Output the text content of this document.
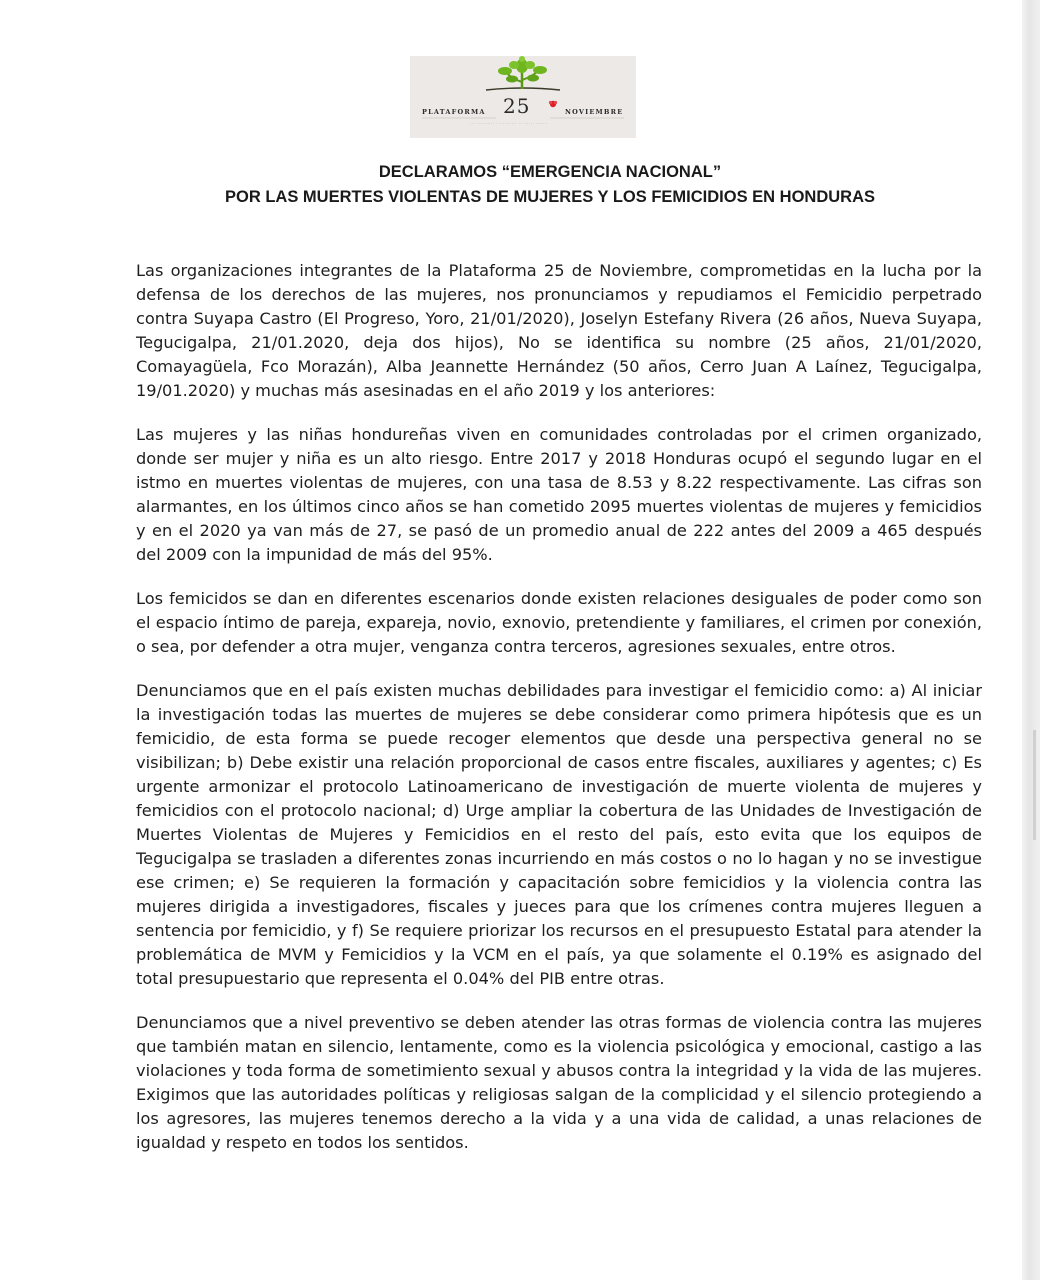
PLATAFORMA 25	NOVIEMBRE
··· ·········· · ·········· ·· ······ ·······
DECLARAMOS “EMERGENCIA NACIONAL”
POR LAS MUERTES VIOLENTAS DE MUJERES Y LOS FEMICIDIOS EN HONDURAS

Las organizaciones integrantes de la Plataforma 25 de Noviembre, comprometidas en la lucha por la defensa de los derechos de las mujeres, nos pronunciamos y repudiamos el Femicidio perpetrado contra Suyapa Castro (El Progreso, Yoro, 21/01/2020), Joselyn Estefany Rivera (26 años, Nueva Suyapa, Tegucigalpa, 21/01.2020, deja dos hijos), No se identifica su nombre (25 años, 21/01/2020, Comayagüela, Fco Morazán), Alba Jeannette Hernández (50 años, Cerro Juan A Laínez, Tegucigalpa, 19/01.2020) y muchas más asesinadas en el año 2019 y los anteriores:

Las mujeres y las niñas hondureñas viven en comunidades controladas por el crimen organizado, donde ser mujer y niña es un alto riesgo. Entre 2017 y 2018 Honduras ocupó el segundo lugar en el istmo en muertes violentas de mujeres, con una tasa de 8.53 y 8.22 respectivamente. Las cifras son alarmantes, en los últimos cinco años se han cometido 2095 muertes violentas de mujeres y femicidios y en el 2020 ya van más de 27, se pasó de un promedio anual de 222 antes del 2009 a 465 después del 2009 con la impunidad de más del 95%.

Los femicidos se dan en diferentes escenarios donde existen relaciones desiguales de poder como son el espacio íntimo de pareja, expareja, novio, exnovio, pretendiente y familiares, el crimen por conexión, o sea, por defender a otra mujer, venganza contra terceros, agresiones sexuales, entre otros.

Denunciamos que en el país existen muchas debilidades para investigar el femicidio como: a) Al iniciar la investigación todas las muertes de mujeres se debe considerar como primera hipótesis que es un femicidio, de esta forma se puede recoger elementos que desde una perspectiva general no se visibilizan; b) Debe existir una relación proporcional de casos entre fiscales, auxiliares y agentes; c) Es urgente armonizar el protocolo Latinoamericano de investigación de muerte violenta de mujeres y femicidios con el protocolo nacional; d) Urge ampliar la cobertura de las Unidades de Investigación de Muertes Violentas de Mujeres y Femicidios en el resto del país, esto evita que los equipos de Tegucigalpa se trasladen a diferentes zonas incurriendo en más costos o no lo hagan y no se investigue ese crimen; e) Se requieren la formación y capacitación sobre femicidios y la violencia contra las mujeres dirigida a investigadores, fiscales y jueces para que los crímenes contra mujeres lleguen a sentencia por femicidio, y f) Se requiere priorizar los recursos en el presupuesto Estatal para atender la problemática de MVM y Femicidios y la VCM en el país, ya que solamente el 0.19% es asignado del total presupuestario que representa el 0.04% del PIB entre otras.

Denunciamos que a nivel preventivo se deben atender las otras formas de violencia contra las mujeres que también matan en silencio, lentamente, como es la violencia psicológica y emocional, castigo a las violaciones y toda forma de sometimiento sexual y abusos contra la integridad y la vida de las mujeres. Exigimos que las autoridades políticas y religiosas salgan de la complicidad y el silencio protegiendo a los agresores, las mujeres tenemos derecho a la vida y a una vida de calidad, a unas relaciones de igualdad y respeto en todos los sentidos.
